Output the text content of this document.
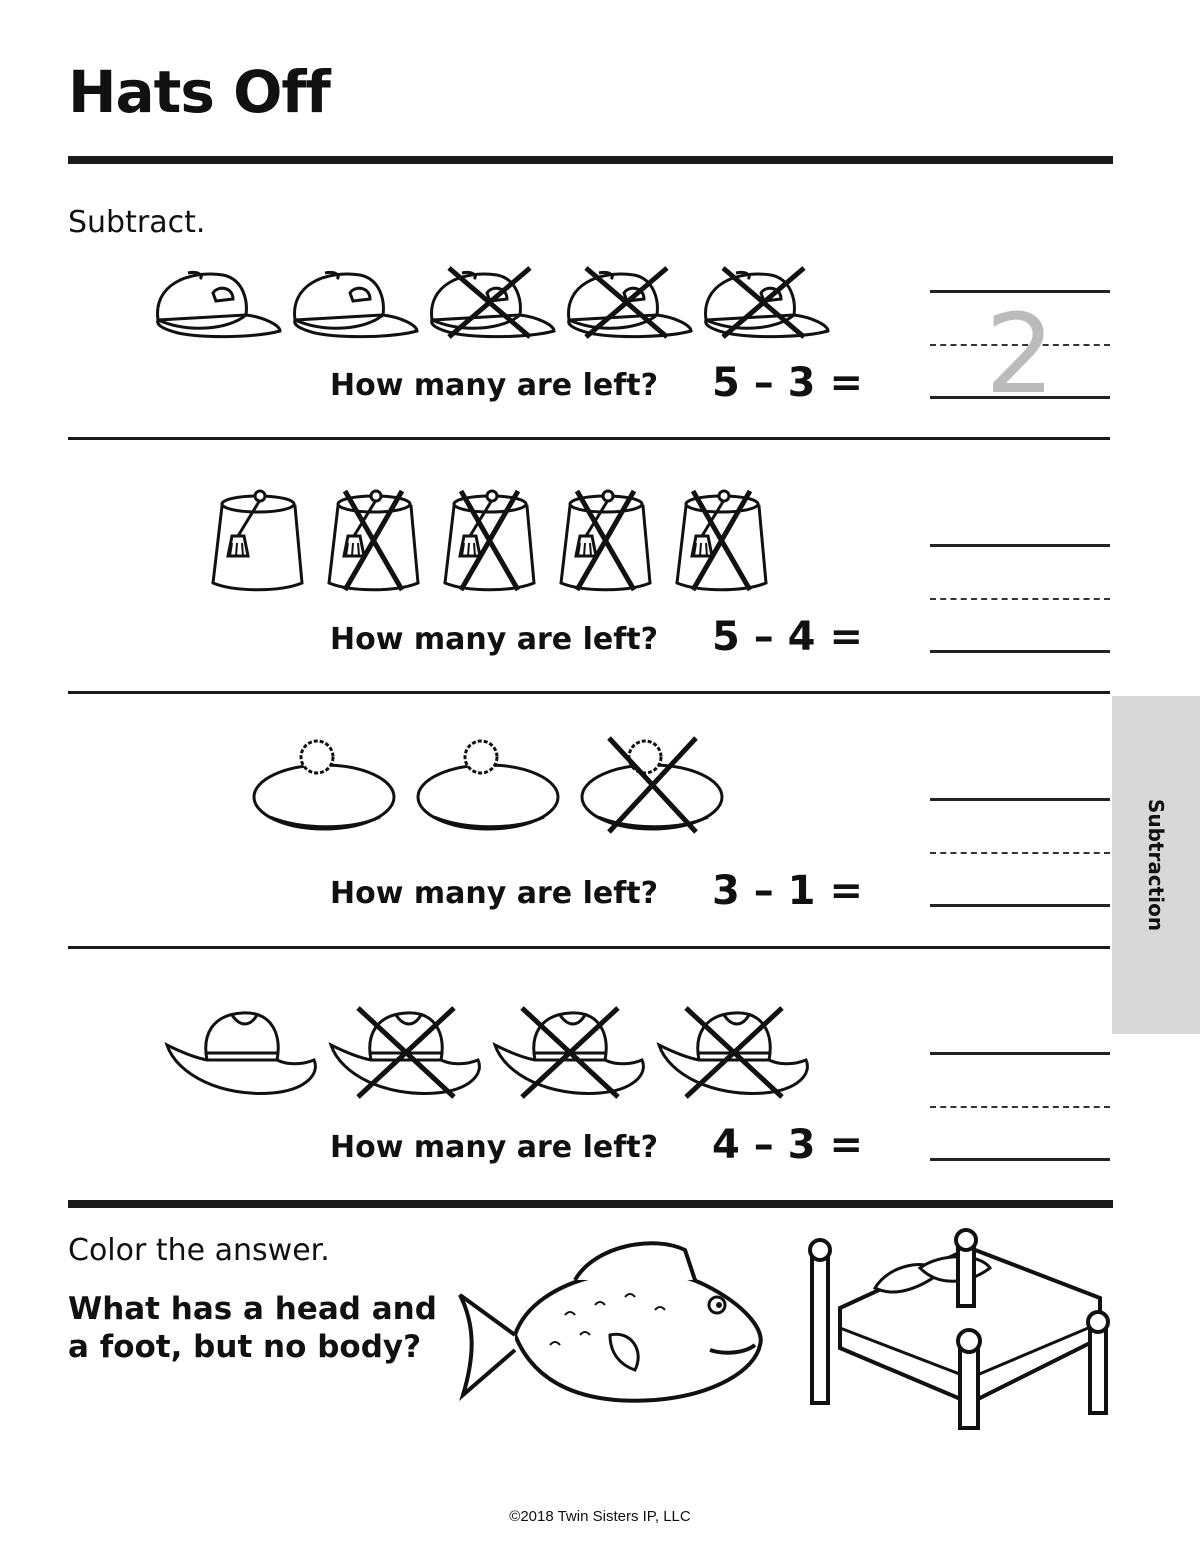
Hats Off
Subtract.
How many are left? 5 – 3 = 2
How many are left? 5 – 4 =
How many are left? 3 – 1 =
How many are left? 4 – 3 =
Subtraction
Color the answer.
What has a head and a foot, but no body?
©2018 Twin Sisters IP, LLC
